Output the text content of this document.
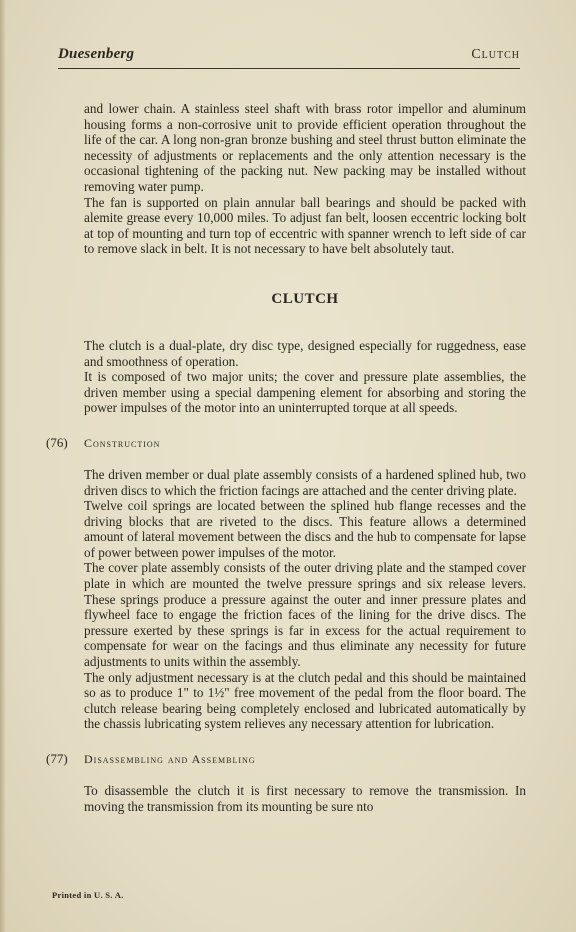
Duesenberg	Clutch

and lower chain. A stainless steel shaft with brass rotor impellor and aluminum housing forms a non-corrosive unit to provide efficient operation throughout the life of the car. A long non-gran bronze bushing and steel thrust button eliminate the necessity of adjustments or replacements and the only attention necessary is the occasional tightening of the packing nut. New packing may be installed without removing water pump.

The fan is supported on plain annular ball bearings and should be packed with alemite grease every 10,000 miles. To adjust fan belt, loosen eccentric locking bolt at top of mounting and turn top of eccentric with spanner wrench to left side of car to remove slack in belt. It is not necessary to have belt absolutely taut.

CLUTCH

The clutch is a dual-plate, dry disc type, designed especially for ruggedness, ease and smoothness of operation.

It is composed of two major units; the cover and pressure plate assemblies, the driven member using a special dampening element for absorbing and storing the power impulses of the motor into an uninterrupted torque at all speeds.

(76) Construction

The driven member or dual plate assembly consists of a hardened splined hub, two driven discs to which the friction facings are attached and the center driving plate.

Twelve coil springs are located between the splined hub flange recesses and the driving blocks that are riveted to the discs. This feature allows a determined amount of lateral movement between the discs and the hub to compensate for lapse of power between power impulses of the motor.

The cover plate assembly consists of the outer driving plate and the stamped cover plate in which are mounted the twelve pressure springs and six release levers. These springs produce a pressure against the outer and inner pressure plates and flywheel face to engage the friction faces of the lining for the drive discs. The pressure exerted by these springs is far in excess for the actual requirement to compensate for wear on the facings and thus eliminate any necessity for future adjustments to units within the assembly.

The only adjustment necessary is at the clutch pedal and this should be maintained so as to produce 1" to 1½" free movement of the pedal from the floor board. The clutch release bearing being completely enclosed and lubricated automatically by the chassis lubricating system relieves any necessary attention for lubrication.

(77) Disassembling and Assembling

To disassemble the clutch it is first necessary to remove the transmission. In moving the transmission from its mounting be sure nto

Printed in U. S. A.
